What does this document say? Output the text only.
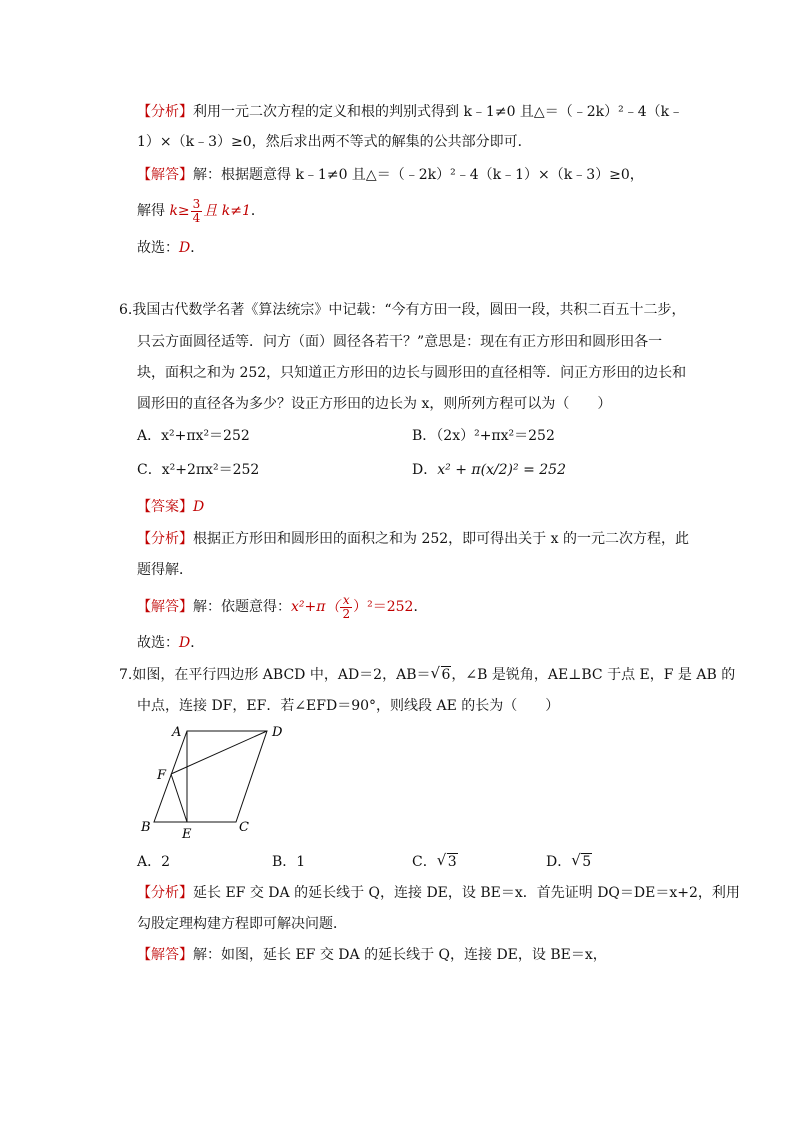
【分析】利用一元二次方程的定义和根的判别式得到 k﹣1≠0 且△＝（﹣2k）²﹣4（k﹣
1）×（k﹣3）≥0，然后求出两不等式的解集的公共部分即可．
【解答】解：根据题意得 k﹣1≠0 且△＝（﹣2k）²﹣4（k﹣1）×（k﹣3）≥0，
解得 $k\ge \frac{3}{4}$ 且 k≠1．
故选：D．
6.我国古代数学名著《算法统宗》中记载：“今有方田一段，圆田一段，共积二百五十二步，
只云方面圆径适等．问方（面）圆径各若干？”意思是：现在有正方形田和圆形田各一
块，面积之和为 252，只知道正方形田的边长与圆形田的直径相等．问正方形田的边长和
圆形田的直径各为多少？设正方形田的边长为 x，则所列方程可以为（　　）
A．x²+πx²＝252	B．（2x）²+πx²＝252
C．x²+2πx²＝252	D．x² + π(x/2)² = 252
【答案】D
【分析】根据正方形田和圆形田的面积之和为 252，即可得出关于 x 的一元二次方程，此
题得解．
【解答】解：依题意得：$x^2+\pi( \frac{x}{2} )^2=252$．
故选：D．
7.如图，在平行四边形 ABCD 中，AD＝2，AB＝ √ 6，∠B 是锐角，AE⊥BC 于点 E，F 是 AB 的
中点，连接 DF，EF．若∠EFD＝90°，则线段 AE 的长为（　　）
A	D
F
B E	C
A．2	B．1	C． √ 3	D． √ 5
【分析】延长 EF 交 DA 的延长线于 Q，连接 DE，设 BE＝x．首先证明 DQ＝DE＝x+2，利用
勾股定理构建方程即可解决问题．
【解答】解：如图，延长 EF 交 DA 的延长线于 Q，连接 DE，设 BE＝x，
